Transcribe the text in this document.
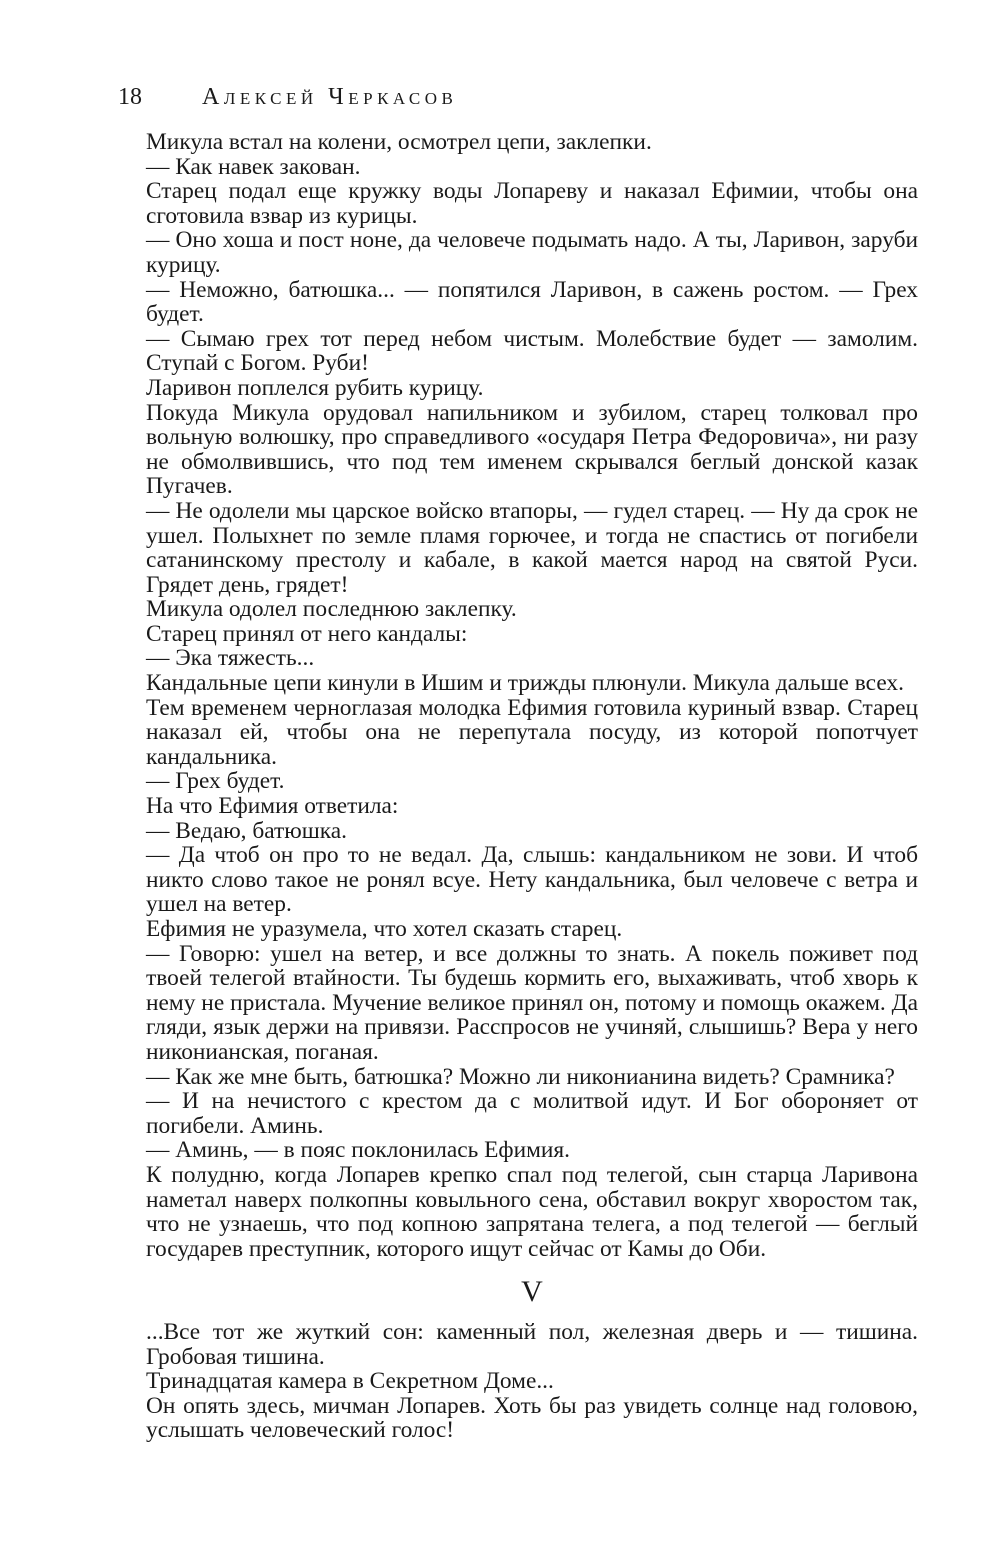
18	Алексей Черкасов

Микула встал на колени, осмотрел цепи, заклепки.

— Как навек закован.

Старец подал еще кружку воды Лопареву и наказал Ефимии, чтобы она сготовила взвар из курицы.

— Оно хоша и пост ноне, да человече подымать надо. А ты, Ларивон, заруби курицу.

— Неможно, батюшка... — попятился Ларивон, в сажень ростом. — Грех будет.

— Сымаю грех тот перед небом чистым. Молебствие будет — замолим. Ступай с Богом. Руби!

Ларивон поплелся рубить курицу.

Покуда Микула орудовал напильником и зубилом, старец толковал про вольную волюшку, про справедливого «осударя Петра Федоровича», ни разу не обмолвившись, что под тем именем скрывался беглый донской казак Пугачев.

— Не одолели мы царское войско втапоры, — гудел старец. — Ну да срок не ушел. Полыхнет по земле пламя горючее, и тогда не спастись от погибели сатанинскому престолу и кабале, в какой мается народ на святой Руси. Грядет день, грядет!

Микула одолел последнюю заклепку.

Старец принял от него кандалы:

— Эка тяжесть...

Кандальные цепи кинули в Ишим и трижды плюнули. Микула дальше всех.

Тем временем черноглазая молодка Ефимия готовила куриный взвар. Старец наказал ей, чтобы она не перепутала посуду, из которой попотчует кандальника.

— Грех будет.

На что Ефимия ответила:

— Ведаю, батюшка.

— Да чтоб он про то не ведал. Да, слышь: кандальником не зови. И чтоб никто слово такое не ронял всуе. Нету кандальника, был человече с ветра и ушел на ветер.

Ефимия не уразумела, что хотел сказать старец.

— Говорю: ушел на ветер, и все должны то знать. А покель поживет под твоей телегой втайности. Ты будешь кормить его, выхаживать, чтоб хворь к нему не пристала. Мучение великое принял он, потому и помощь окажем. Да гляди, язык держи на привязи. Расспросов не учиняй, слышишь? Вера у него никонианская, поганая.

— Как же мне быть, батюшка? Можно ли никонианина видеть? Срамника?

— И на нечистого с крестом да с молитвой идут. И Бог обороняет от погибели. Аминь.

— Аминь, — в пояс поклонилась Ефимия.

К полудню, когда Лопарев крепко спал под телегой, сын старца Ларивона наметал наверх полкопны ковыльного сена, обставил вокруг хворостом так, что не узнаешь, что под копною запрятана телега, а под телегой — беглый государев преступник, которого ищут сейчас от Камы до Оби.

V

...Все тот же жуткий сон: каменный пол, железная дверь и — тишина. Гробовая тишина.

Тринадцатая камера в Секретном Доме...

Он опять здесь, мичман Лопарев. Хоть бы раз увидеть солнце над головою, услышать человеческий голос!
